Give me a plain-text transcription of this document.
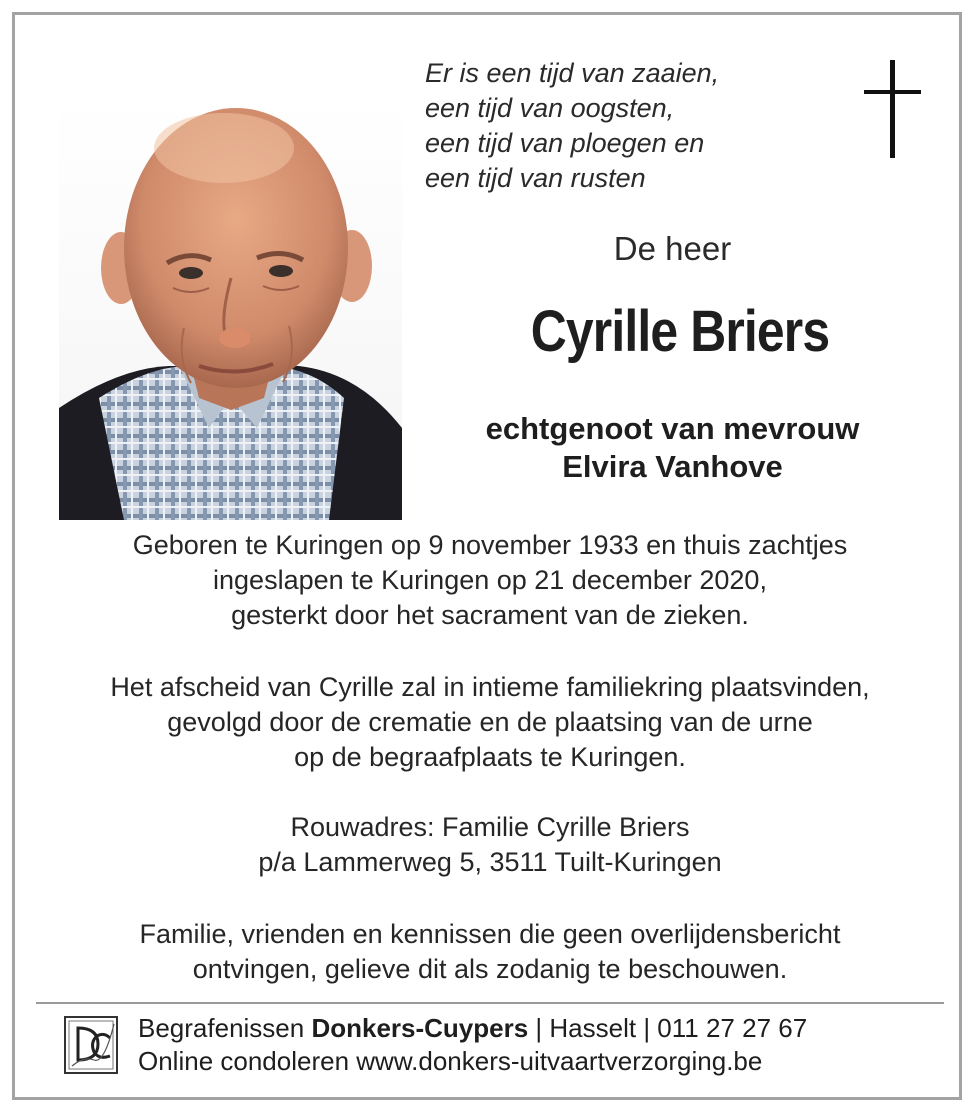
Er is een tijd van zaaien,
een tijd van oogsten,
een tijd van ploegen en
een tijd van rusten
De heer
Cyrille Briers
echtgenoot van mevrouw
Elvira Vanhove
Geboren te Kuringen op 9 november 1933 en thuis zachtjes
ingeslapen te Kuringen op 21 december 2020,
gesterkt door het sacrament van de zieken.
Het afscheid van Cyrille zal in intieme familiekring plaatsvinden,
gevolgd door de crematie en de plaatsing van de urne
op de begraafplaats te Kuringen.
Rouwadres: Familie Cyrille Briers
p/a Lammerweg 5, 3511 Tuilt-Kuringen
Familie, vrienden en kennissen die geen overlijdensbericht
ontvingen, gelieve dit als zodanig te beschouwen.
Begrafenissen Donkers-Cuypers | Hasselt | 011 27 27 67
Online condoleren www.donkers-uitvaartverzorging.be
